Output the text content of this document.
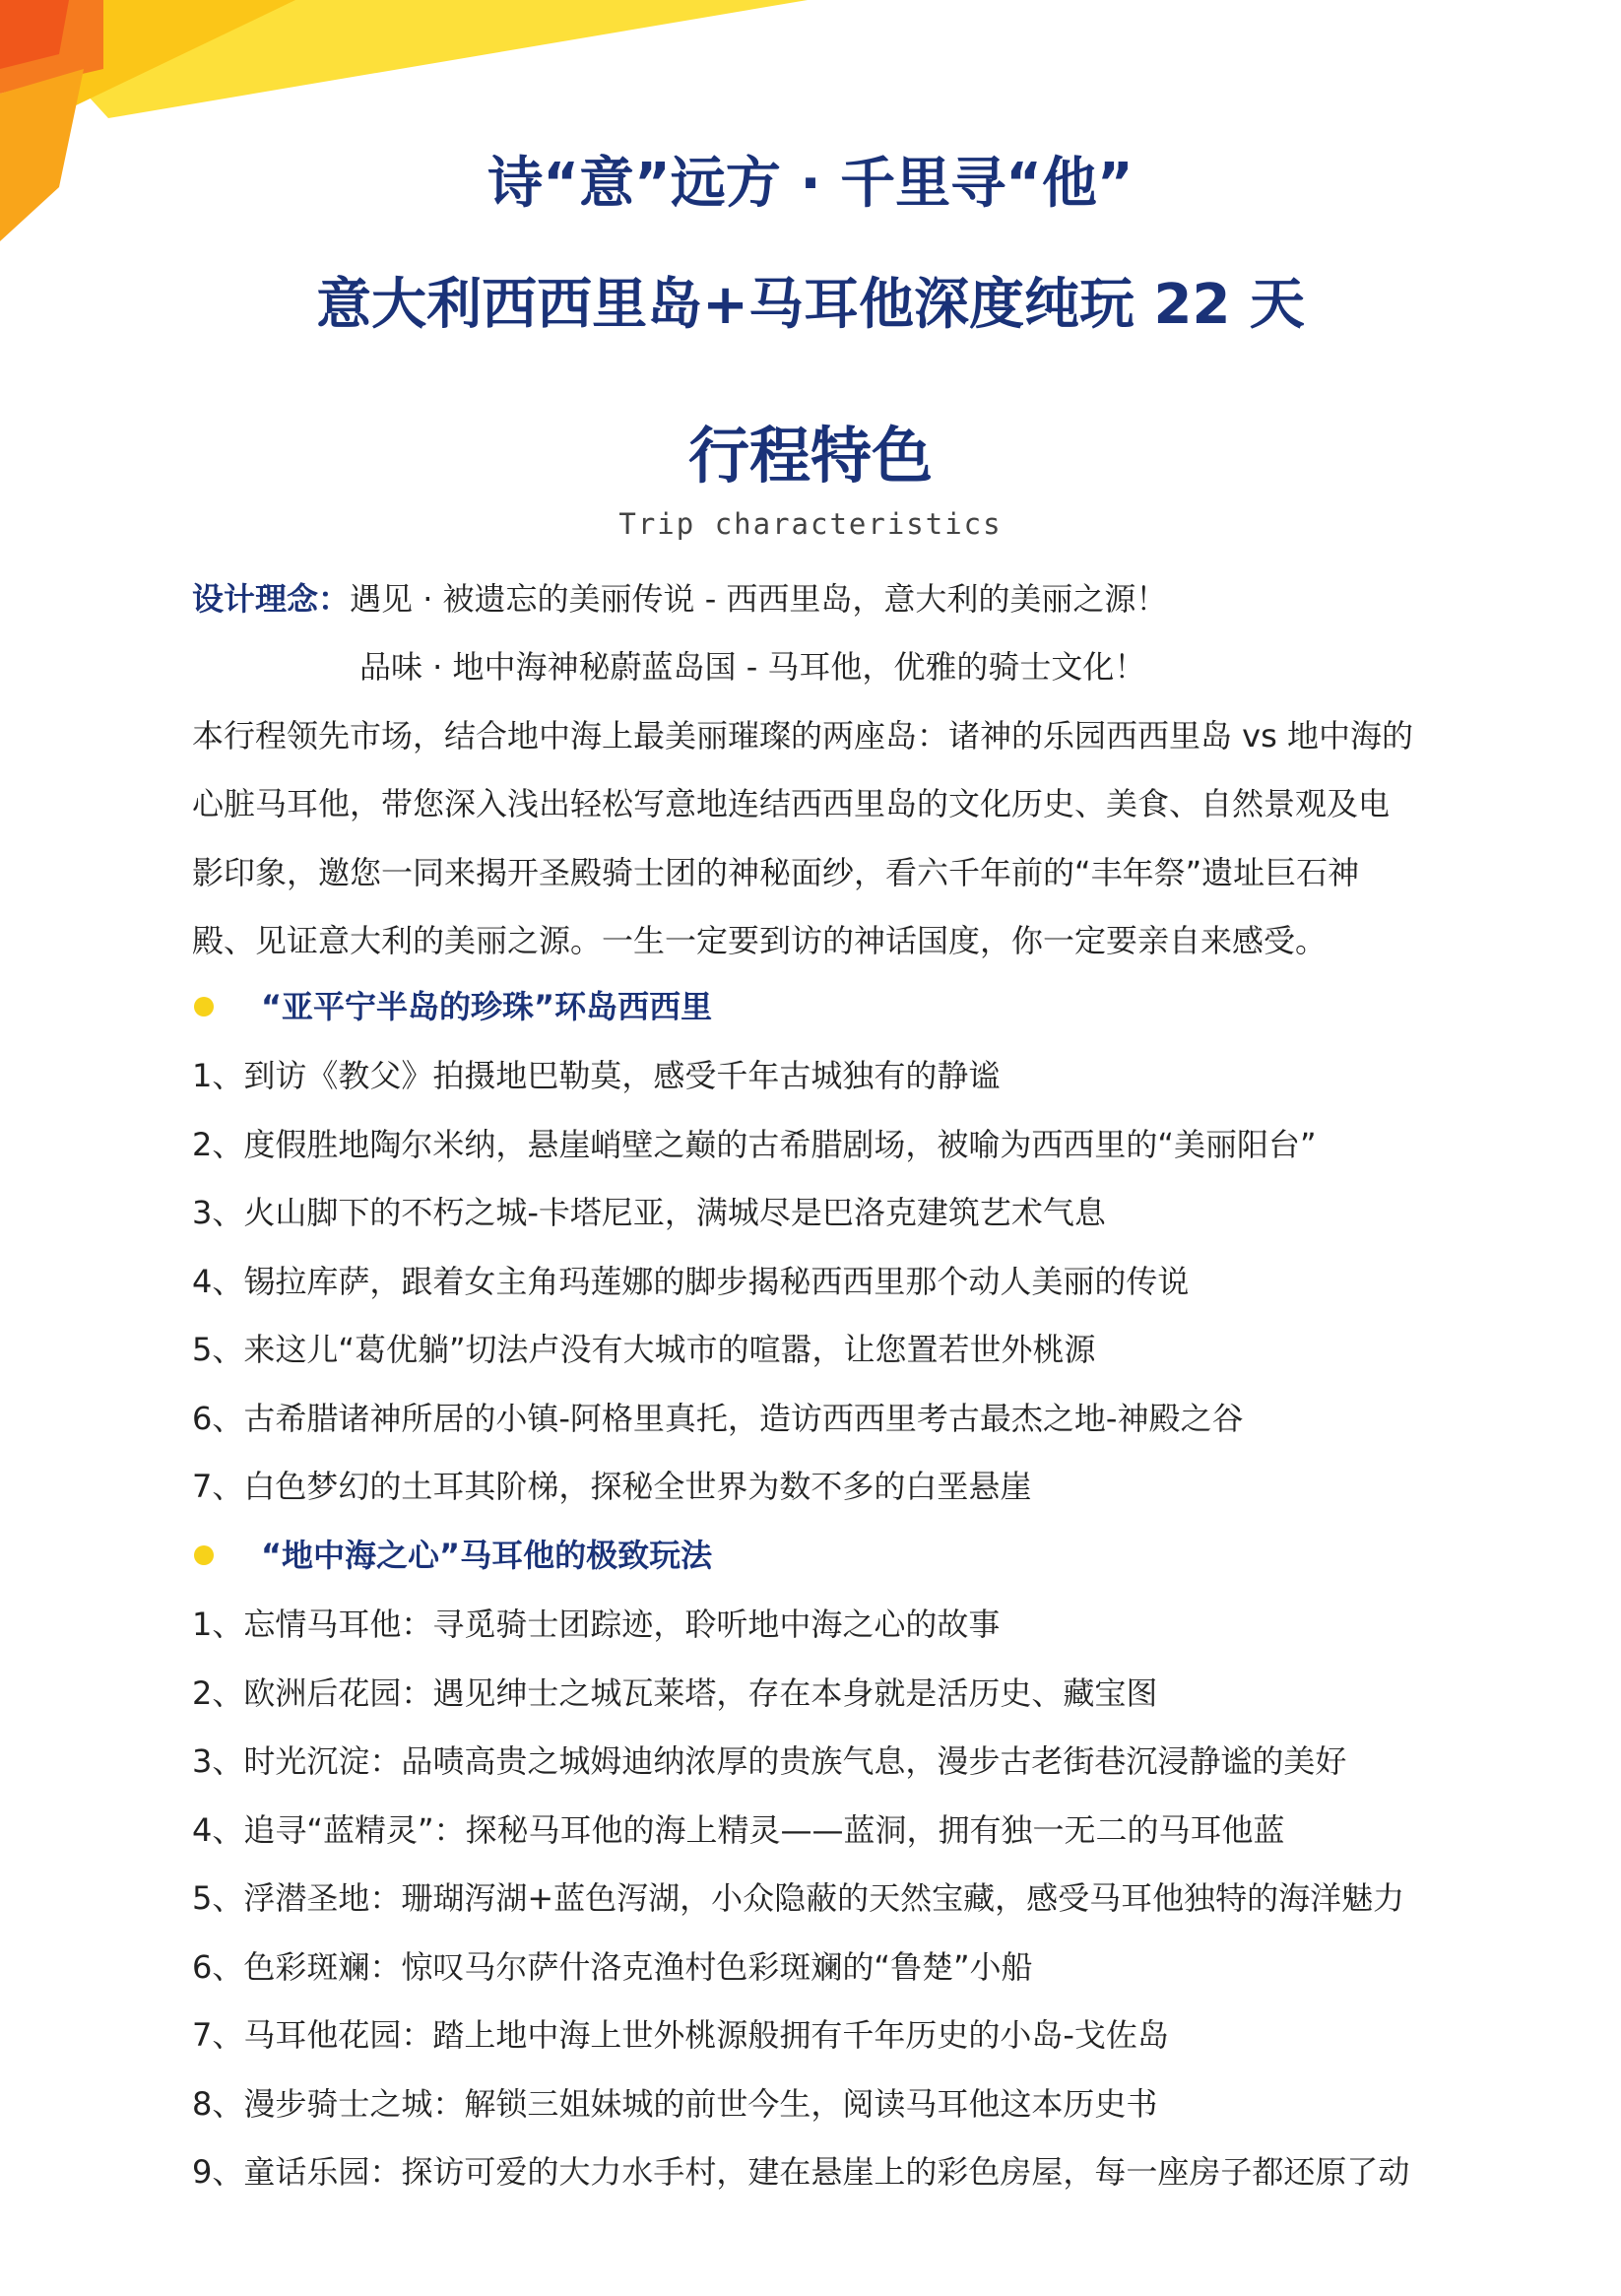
诗“意”远方 · 千里寻“他”
意大利西西里岛+马耳他深度纯玩 22 天
行程特色
Trip characteristics
设计理念：遇见 · 被遗忘的美丽传说 - 西西里岛，意大利的美丽之源！
品味 · 地中海神秘蔚蓝岛国 - 马耳他，优雅的骑士文化！
本行程领先市场，结合地中海上最美丽璀璨的两座岛：诸神的乐园西西里岛 vs 地中海的
心脏马耳他，带您深入浅出轻松写意地连结西西里岛的文化历史、美食、自然景观及电
影印象，邀您一同来揭开圣殿骑士团的神秘面纱，看六千年前的“丰年祭”遗址巨石神
殿、见证意大利的美丽之源。一生一定要到访的神话国度，你一定要亲自来感受。
“亚平宁半岛的珍珠”环岛西西里
1、到访《教父》拍摄地巴勒莫，感受千年古城独有的静谧
2、度假胜地陶尔米纳，悬崖峭壁之巅的古希腊剧场，被喻为西西里的“美丽阳台”
3、火山脚下的不朽之城-卡塔尼亚，满城尽是巴洛克建筑艺术气息
4、锡拉库萨，跟着女主角玛莲娜的脚步揭秘西西里那个动人美丽的传说
5、来这儿“葛优躺”切法卢没有大城市的喧嚣，让您置若世外桃源
6、古希腊诸神所居的小镇-阿格里真托，造访西西里考古最杰之地-神殿之谷
7、白色梦幻的土耳其阶梯，探秘全世界为数不多的白垩悬崖
“地中海之心”马耳他的极致玩法
1、忘情马耳他：寻觅骑士团踪迹，聆听地中海之心的故事
2、欧洲后花园：遇见绅士之城瓦莱塔，存在本身就是活历史、藏宝图
3、时光沉淀：品啧高贵之城姆迪纳浓厚的贵族气息，漫步古老街巷沉浸静谧的美好
4、追寻“蓝精灵”：探秘马耳他的海上精灵——蓝洞，拥有独一无二的马耳他蓝
5、浮潜圣地：珊瑚泻湖+蓝色泻湖，小众隐蔽的天然宝藏，感受马耳他独特的海洋魅力
6、色彩斑斓：惊叹马尔萨什洛克渔村色彩斑斓的“鲁楚”小船
7、马耳他花园：踏上地中海上世外桃源般拥有千年历史的小岛-戈佐岛
8、漫步骑士之城：解锁三姐妹城的前世今生，阅读马耳他这本历史书
9、童话乐园：探访可爱的大力水手村，建在悬崖上的彩色房屋，每一座房子都还原了动
